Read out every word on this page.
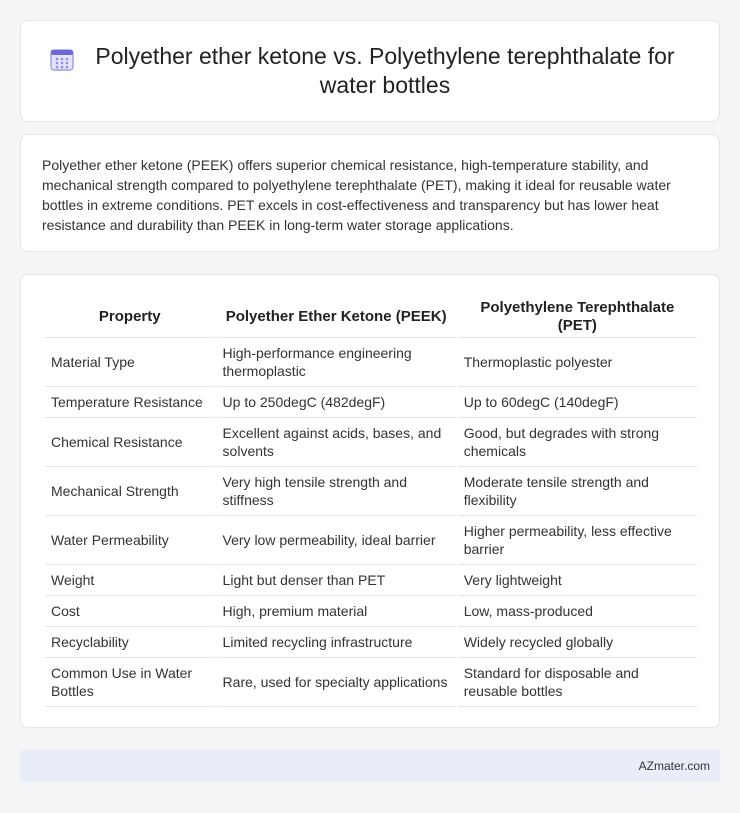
Polyether ether ketone vs. Polyethylene terephthalate for water bottles

Polyether ether ketone (PEEK) offers superior chemical resistance, high-temperature stability, and mechanical strength compared to polyethylene terephthalate (PET), making it ideal for reusable water bottles in extreme conditions. PET excels in cost-effectiveness and transparency but has lower heat resistance and durability than PEEK in long-term water storage applications.

Property	Polyether Ether Ketone (PEEK)	Polyethylene Terephthalate (PET)
Material Type	High-performance engineering thermoplastic	Thermoplastic polyester
Temperature Resistance	Up to 250degC (482degF)	Up to 60degC (140degF)
Chemical Resistance	Excellent against acids, bases, and solvents	Good, but degrades with strong chemicals
Mechanical Strength	Very high tensile strength and stiffness	Moderate tensile strength and flexibility
Water Permeability	Very low permeability, ideal barrier	Higher permeability, less effective barrier
Weight	Light but denser than PET	Very lightweight
Cost	High, premium material	Low, mass-produced
Recyclability	Limited recycling infrastructure	Widely recycled globally
Common Use in Water Bottles	Rare, used for specialty applications	Standard for disposable and reusable bottles
AZmater.com
